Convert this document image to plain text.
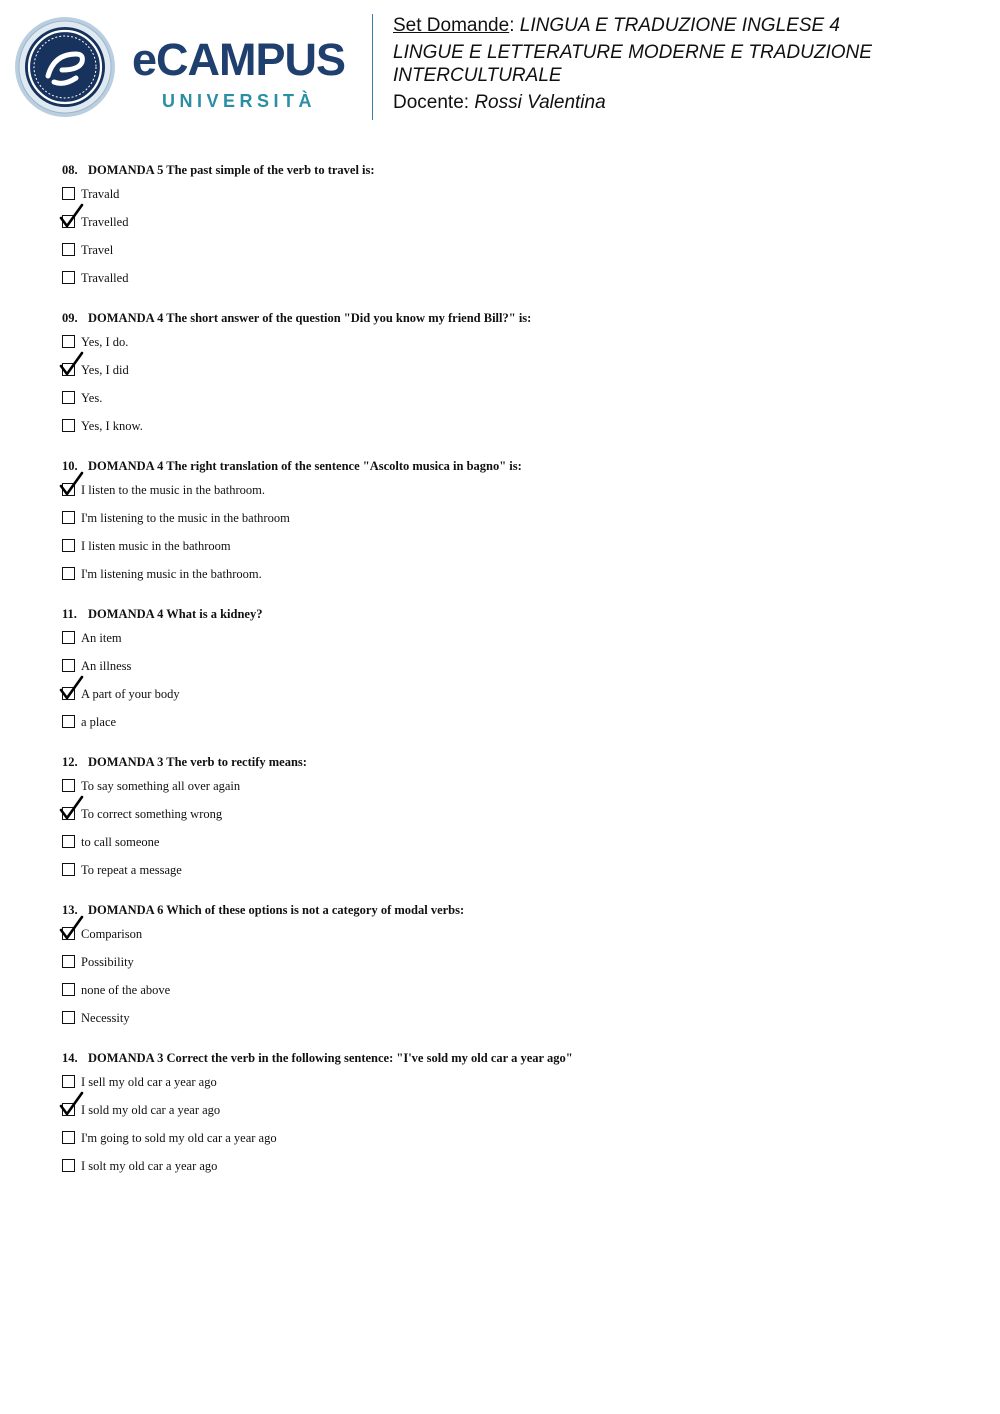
eCAMPUS
UNIVERSITÀ
Set Domande: LINGUA E TRADUZIONE INGLESE 4
LINGUE E LETTERATURE MODERNE E TRADUZIONE
INTERCULTURALE
Docente: Rossi Valentina
08. DOMANDA 5 The past simple of the verb to travel is:
Travald
Travelled
Travel
Travalled
09. DOMANDA 4 The short answer of the question "Did you know my friend Bill?" is:
Yes, I do.
Yes, I did
Yes.
Yes, I know.
10. DOMANDA 4 The right translation of the sentence "Ascolto musica in bagno" is:
I listen to the music in the bathroom.
I'm listening to the music in the bathroom
I listen music in the bathroom
I'm listening music in the bathroom.
11. DOMANDA 4 What is a kidney?
An item
An illness
A part of your body
a place
12. DOMANDA 3 The verb to rectify means:
To say something all over again
To correct something wrong
to call someone
To repeat a message
13. DOMANDA 6 Which of these options is not a category of modal verbs:
Comparison
Possibility
none of the above
Necessity
14. DOMANDA 3 Correct the verb in the following sentence: "I've sold my old car a year ago"
I sell my old car a year ago
I sold my old car a year ago
I'm going to sold my old car a year ago
I solt my old car a year ago
